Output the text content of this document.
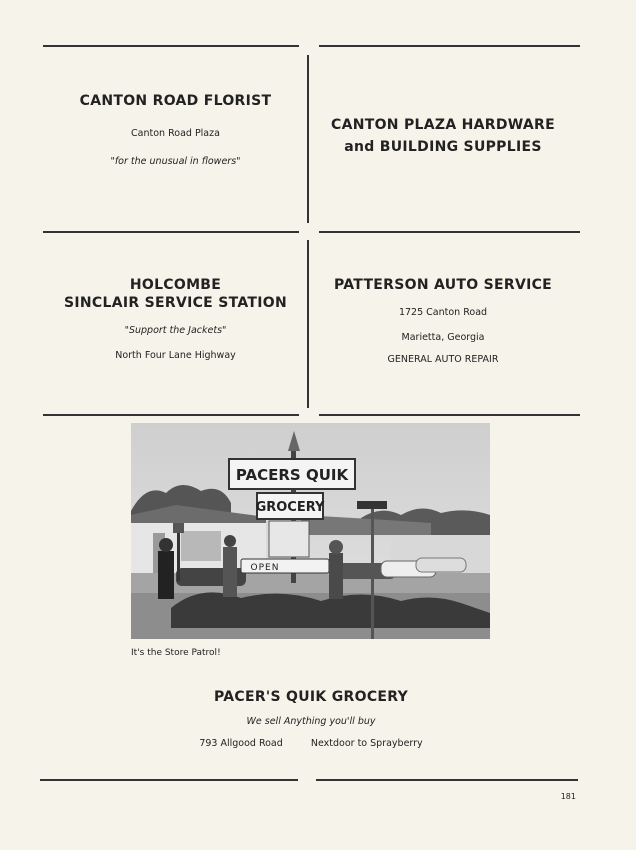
CANTON ROAD FLORIST
Canton Road Plaza
"for the unusual in flowers"
CANTON PLAZA HARDWARE
and BUILDING SUPPLIES
HOLCOMBE
SINCLAIR SERVICE STATION
"Support the Jackets"
North Four Lane Highway
PATTERSON AUTO SERVICE
1725 Canton Road
Marietta, Georgia
GENERAL AUTO REPAIR
PACERS QUIK
GROCERY
OPEN
It's the Store Patrol!
PACER'S QUIK GROCERY
We sell Anything you'll buy
793 Allgood Road	Nextdoor to Sprayberry
181
